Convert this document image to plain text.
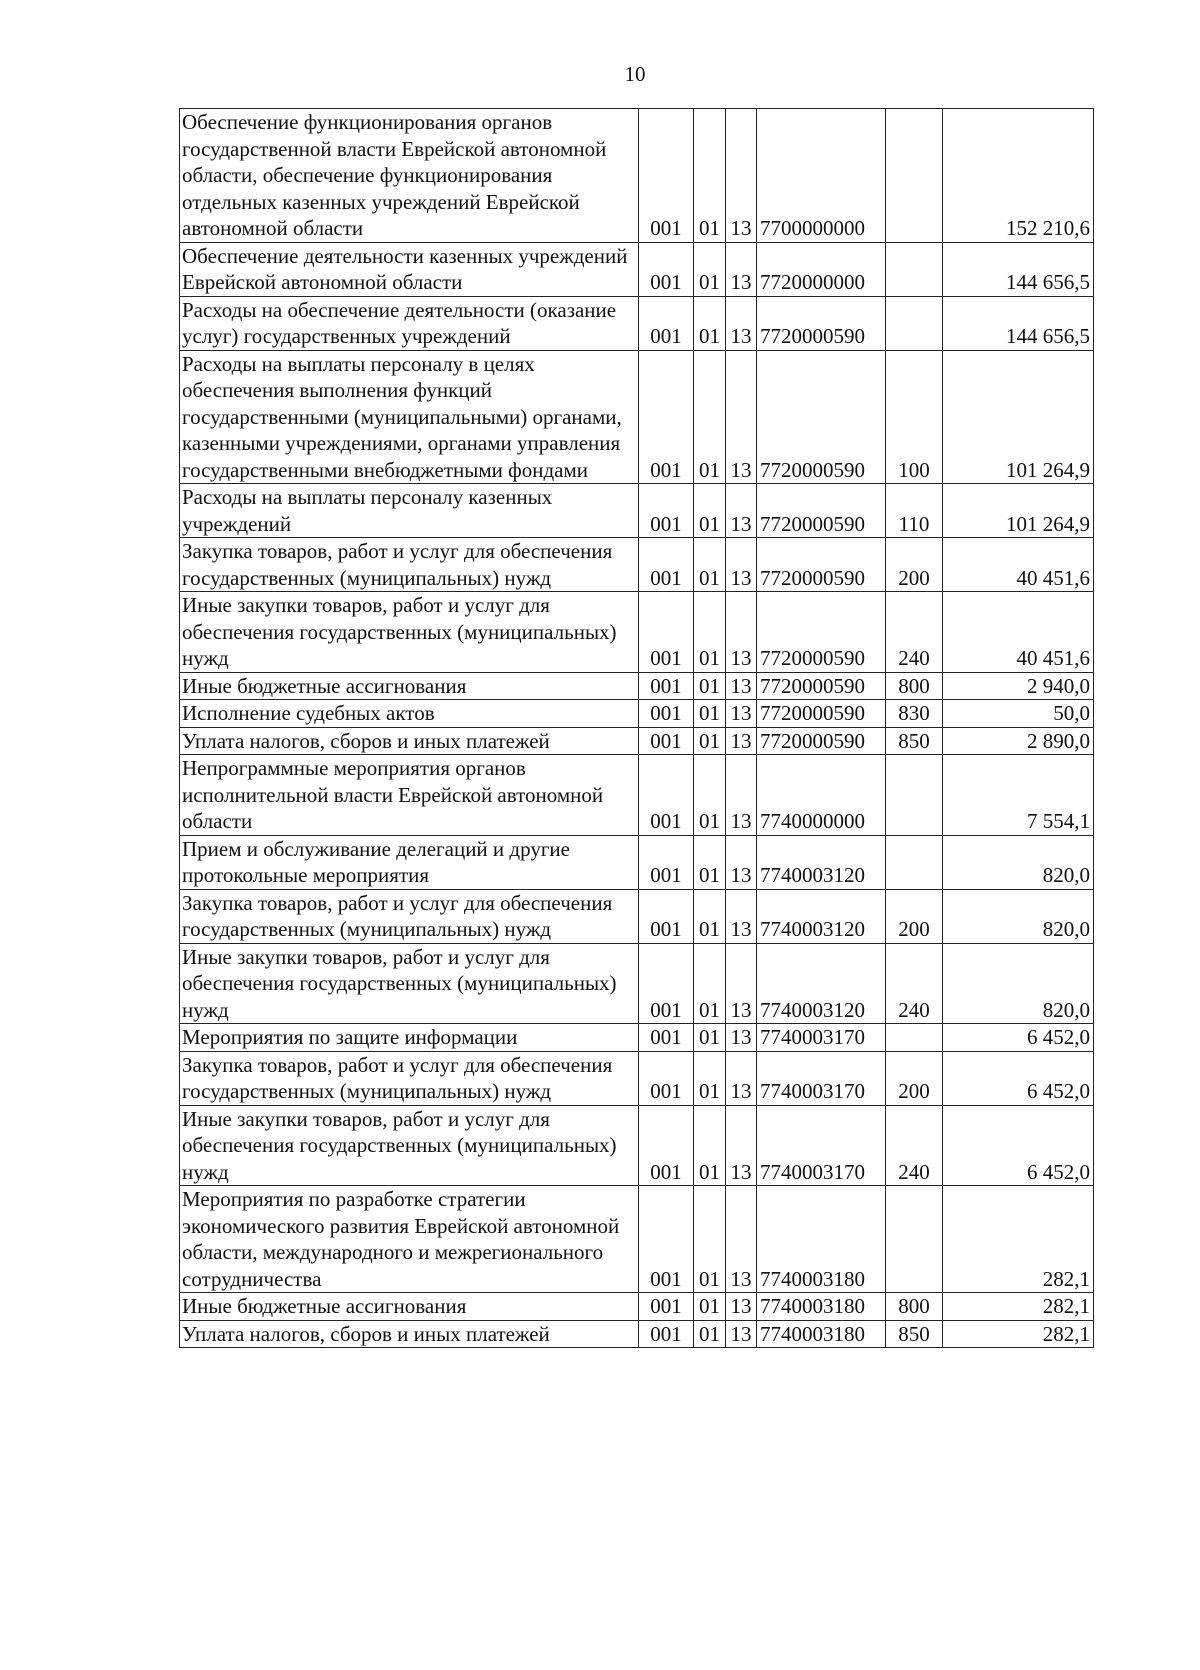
10
Обеспечение функционирования органов государственной власти Еврейской автономной области, обеспечение функционирования отдельных казенных учреждений Еврейской автономной области	001	01	13	7700000000		152 210,6

Обеспечение деятельности казенных учреждений Еврейской автономной области	001	01	13	7720000000		144 656,5

Расходы на обеспечение деятельности (оказание услуг) государственных учреждений	001	01	13	7720000590		144 656,5

Расходы на выплаты персоналу в целях обеспечения выполнения функций государственными (муниципальными) органами, казенными учреждениями, органами управления государственными внебюджетными фондами	001	01	13	7720000590	100	101 264,9

Расходы на выплаты персоналу казенных учреждений	001	01	13	7720000590	110	101 264,9

Закупка товаров, работ и услуг для обеспечения государственных (муниципальных) нужд	001	01	13	7720000590	200	40 451,6

Иные закупки товаров, работ и услуг для обеспечения государственных (муниципальных) нужд	001	01	13	7720000590	240	40 451,6

Иные бюджетные ассигнования	001	01	13	7720000590	800	2 940,0

Исполнение судебных актов	001	01	13	7720000590	830	50,0

Уплата налогов, сборов и иных платежей	001	01	13	7720000590	850	2 890,0

Непрограммные мероприятия органов исполнительной власти Еврейской автономной области	001	01	13	7740000000		7 554,1

Прием и обслуживание делегаций и другие протокольные мероприятия	001	01	13	7740003120		820,0

Закупка товаров, работ и услуг для обеспечения государственных (муниципальных) нужд	001	01	13	7740003120	200	820,0

Иные закупки товаров, работ и услуг для обеспечения государственных (муниципальных) нужд	001	01	13	7740003120	240	820,0

Мероприятия по защите информации	001	01	13	7740003170		6 452,0

Закупка товаров, работ и услуг для обеспечения государственных (муниципальных) нужд	001	01	13	7740003170	200	6 452,0

Иные закупки товаров, работ и услуг для обеспечения государственных (муниципальных) нужд	001	01	13	7740003170	240	6 452,0

Мероприятия по разработке стратегии экономического развития Еврейской автономной области, международного и межрегионального сотрудничества	001	01	13	7740003180		282,1

Иные бюджетные ассигнования	001	01	13	7740003180	800	282,1

Уплата налогов, сборов и иных платежей	001	01	13	7740003180	850	282,1
